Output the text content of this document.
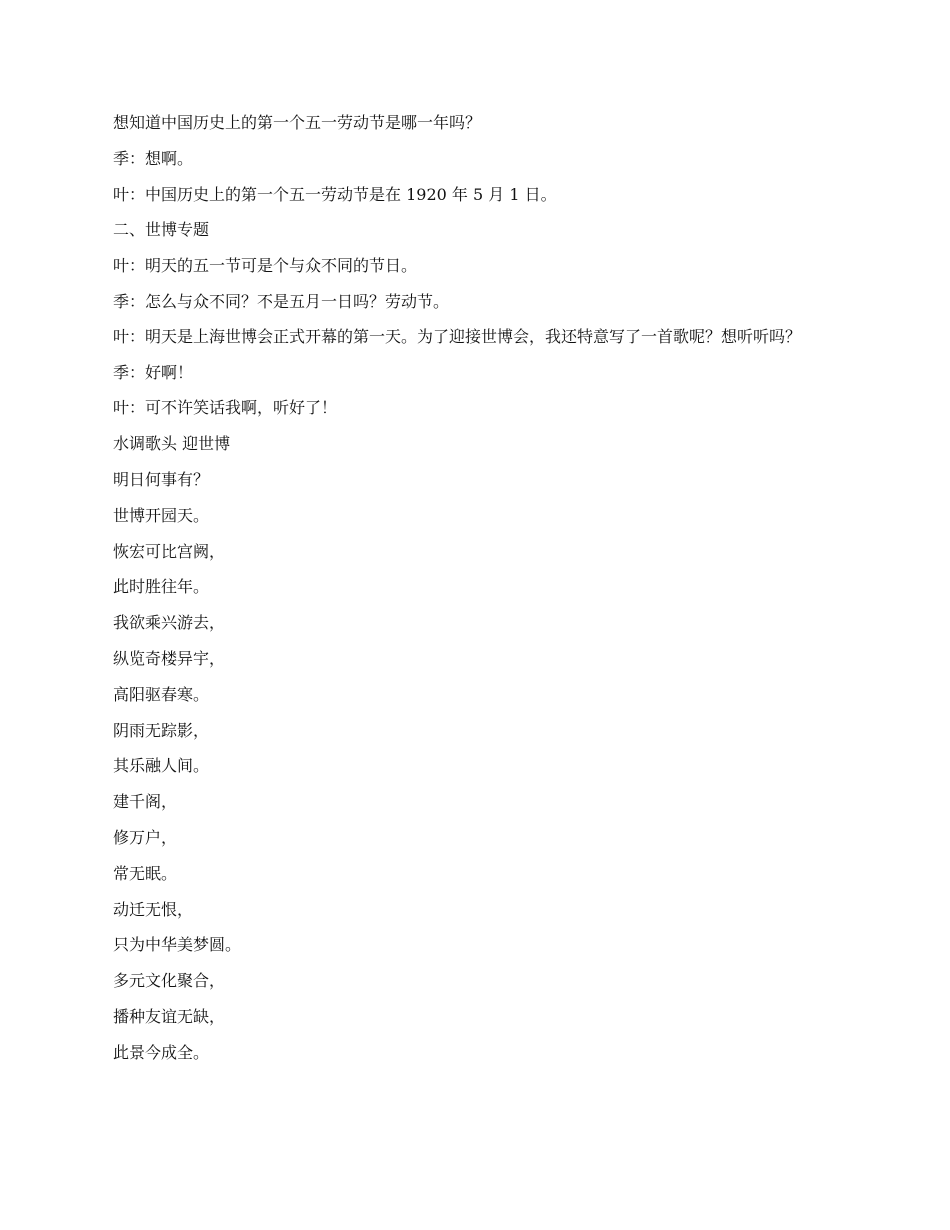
想知道中国历史上的第一个五一劳动节是哪一年吗？

季：想啊。

叶：中国历史上的第一个五一劳动节是在 1920 年 5 月 1 日。

二、世博专题

叶：明天的五一节可是个与众不同的节日。

季：怎么与众不同？不是五月一日吗？劳动节。

叶：明天是上海世博会正式开幕的第一天。为了迎接世博会，我还特意写了一首歌呢？想听听吗？

季：好啊！

叶：可不许笑话我啊，听好了！

水调歌头 迎世博

明日何事有？

世博开园天。

恢宏可比宫阙，

此时胜往年。

我欲乘兴游去，

纵览奇楼异宇，

高阳驱春寒。

阴雨无踪影，

其乐融人间。

建千阁，

修万户，

常无眠。

动迁无恨，

只为中华美梦圆。

多元文化聚合，

播种友谊无缺，

此景今成全。
